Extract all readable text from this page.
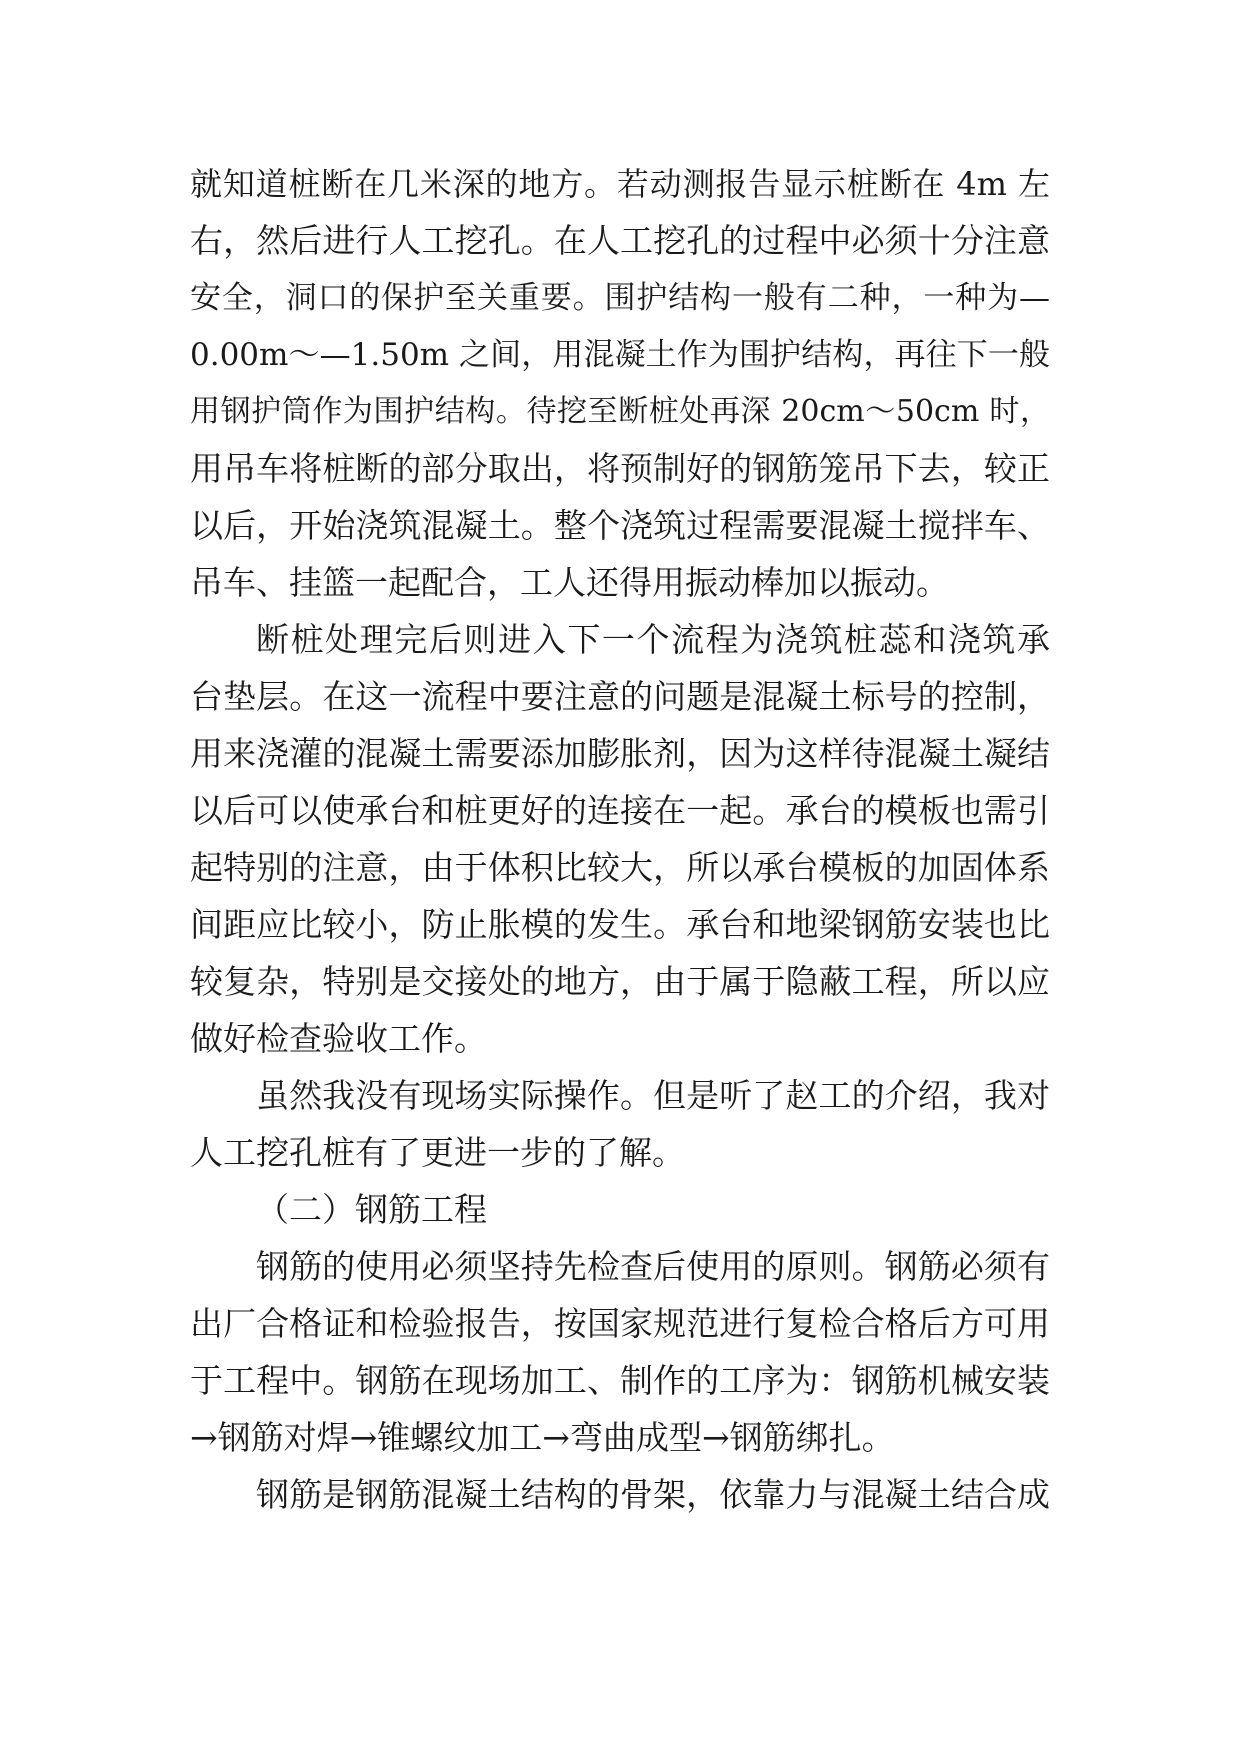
就知道桩断在几米深的地方。若动测报告显示桩断在 4m 左
右，然后进行人工挖孔。在人工挖孔的过程中必须十分注意
安全，洞口的保护至关重要。围护结构一般有二种，一种为—
0.00m～—1.50m 之间，用混凝土作为围护结构，再往下一般
用钢护筒作为围护结构。待挖至断桩处再深 20cm～50cm 时，
用吊车将桩断的部分取出，将预制好的钢筋笼吊下去，较正
以后，开始浇筑混凝土。整个浇筑过程需要混凝土搅拌车、
吊车、挂篮一起配合，工人还得用振动棒加以振动。
断桩处理完后则进入下一个流程为浇筑桩蕊和浇筑承
台垫层。在这一流程中要注意的问题是混凝土标号的控制，
用来浇灌的混凝土需要添加膨胀剂，因为这样待混凝土凝结
以后可以使承台和桩更好的连接在一起。承台的模板也需引
起特别的注意，由于体积比较大，所以承台模板的加固体系
间距应比较小，防止胀模的发生。承台和地梁钢筋安装也比
较复杂，特别是交接处的地方，由于属于隐蔽工程，所以应
做好检查验收工作。
虽然我没有现场实际操作。但是听了赵工的介绍，我对
人工挖孔桩有了更进一步的了解。
（二）钢筋工程
钢筋的使用必须坚持先检查后使用的原则。钢筋必须有
出厂合格证和检验报告，按国家规范进行复检合格后方可用
于工程中。钢筋在现场加工、制作的工序为：钢筋机械安装
→钢筋对焊→锥螺纹加工→弯曲成型→钢筋绑扎。
钢筋是钢筋混凝土结构的骨架，依靠力与混凝土结合成
